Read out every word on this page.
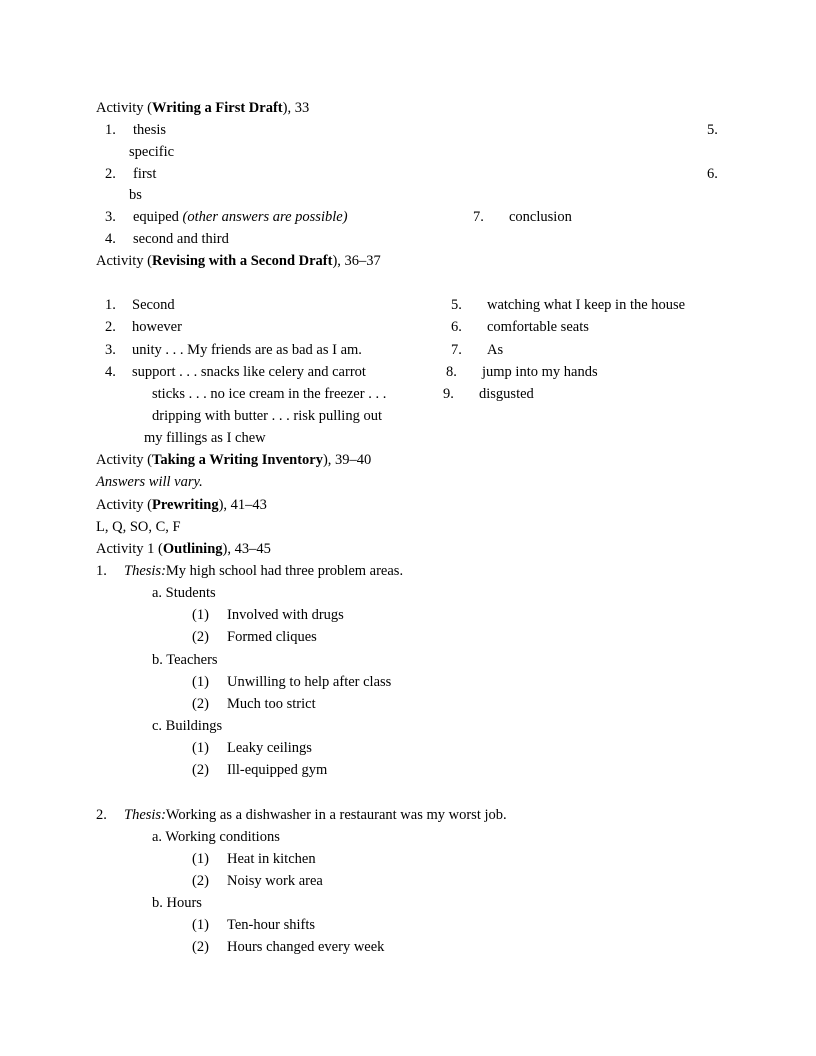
Activity (Writing a First Draft), 33
1. thesis	5.
specific
2. first	6.
bs
3. equiped (other answers are possible)	7. conclusion
4. second and third
Activity (Revising with a Second Draft), 36–37
1. Second	5. watching what I keep in the house
2. however	6. comfortable seats
3. unity . . . My friends are as bad as I am.	7. As
4. support . . . snacks like celery and carrot	8. jump into my hands
sticks . . . no ice cream in the freezer . . .	9. disgusted
dripping with butter . . . risk pulling out
my fillings as I chew
Activity (Taking a Writing Inventory), 39–40
Answers will vary.
Activity (Prewriting), 41–43
L, Q, SO, C, F
Activity 1 (Outlining), 43–45
1. Thesis:My high school had three problem areas.
a. Students
(1) Involved with drugs
(2) Formed cliques
b. Teachers
(1) Unwilling to help after class
(2) Much too strict
c. Buildings
(1) Leaky ceilings
(2) Ill-equipped gym
2. Thesis:Working as a dishwasher in a restaurant was my worst job.
a. Working conditions
(1) Heat in kitchen
(2) Noisy work area
b. Hours
(1) Ten-hour shifts
(2) Hours changed every week
